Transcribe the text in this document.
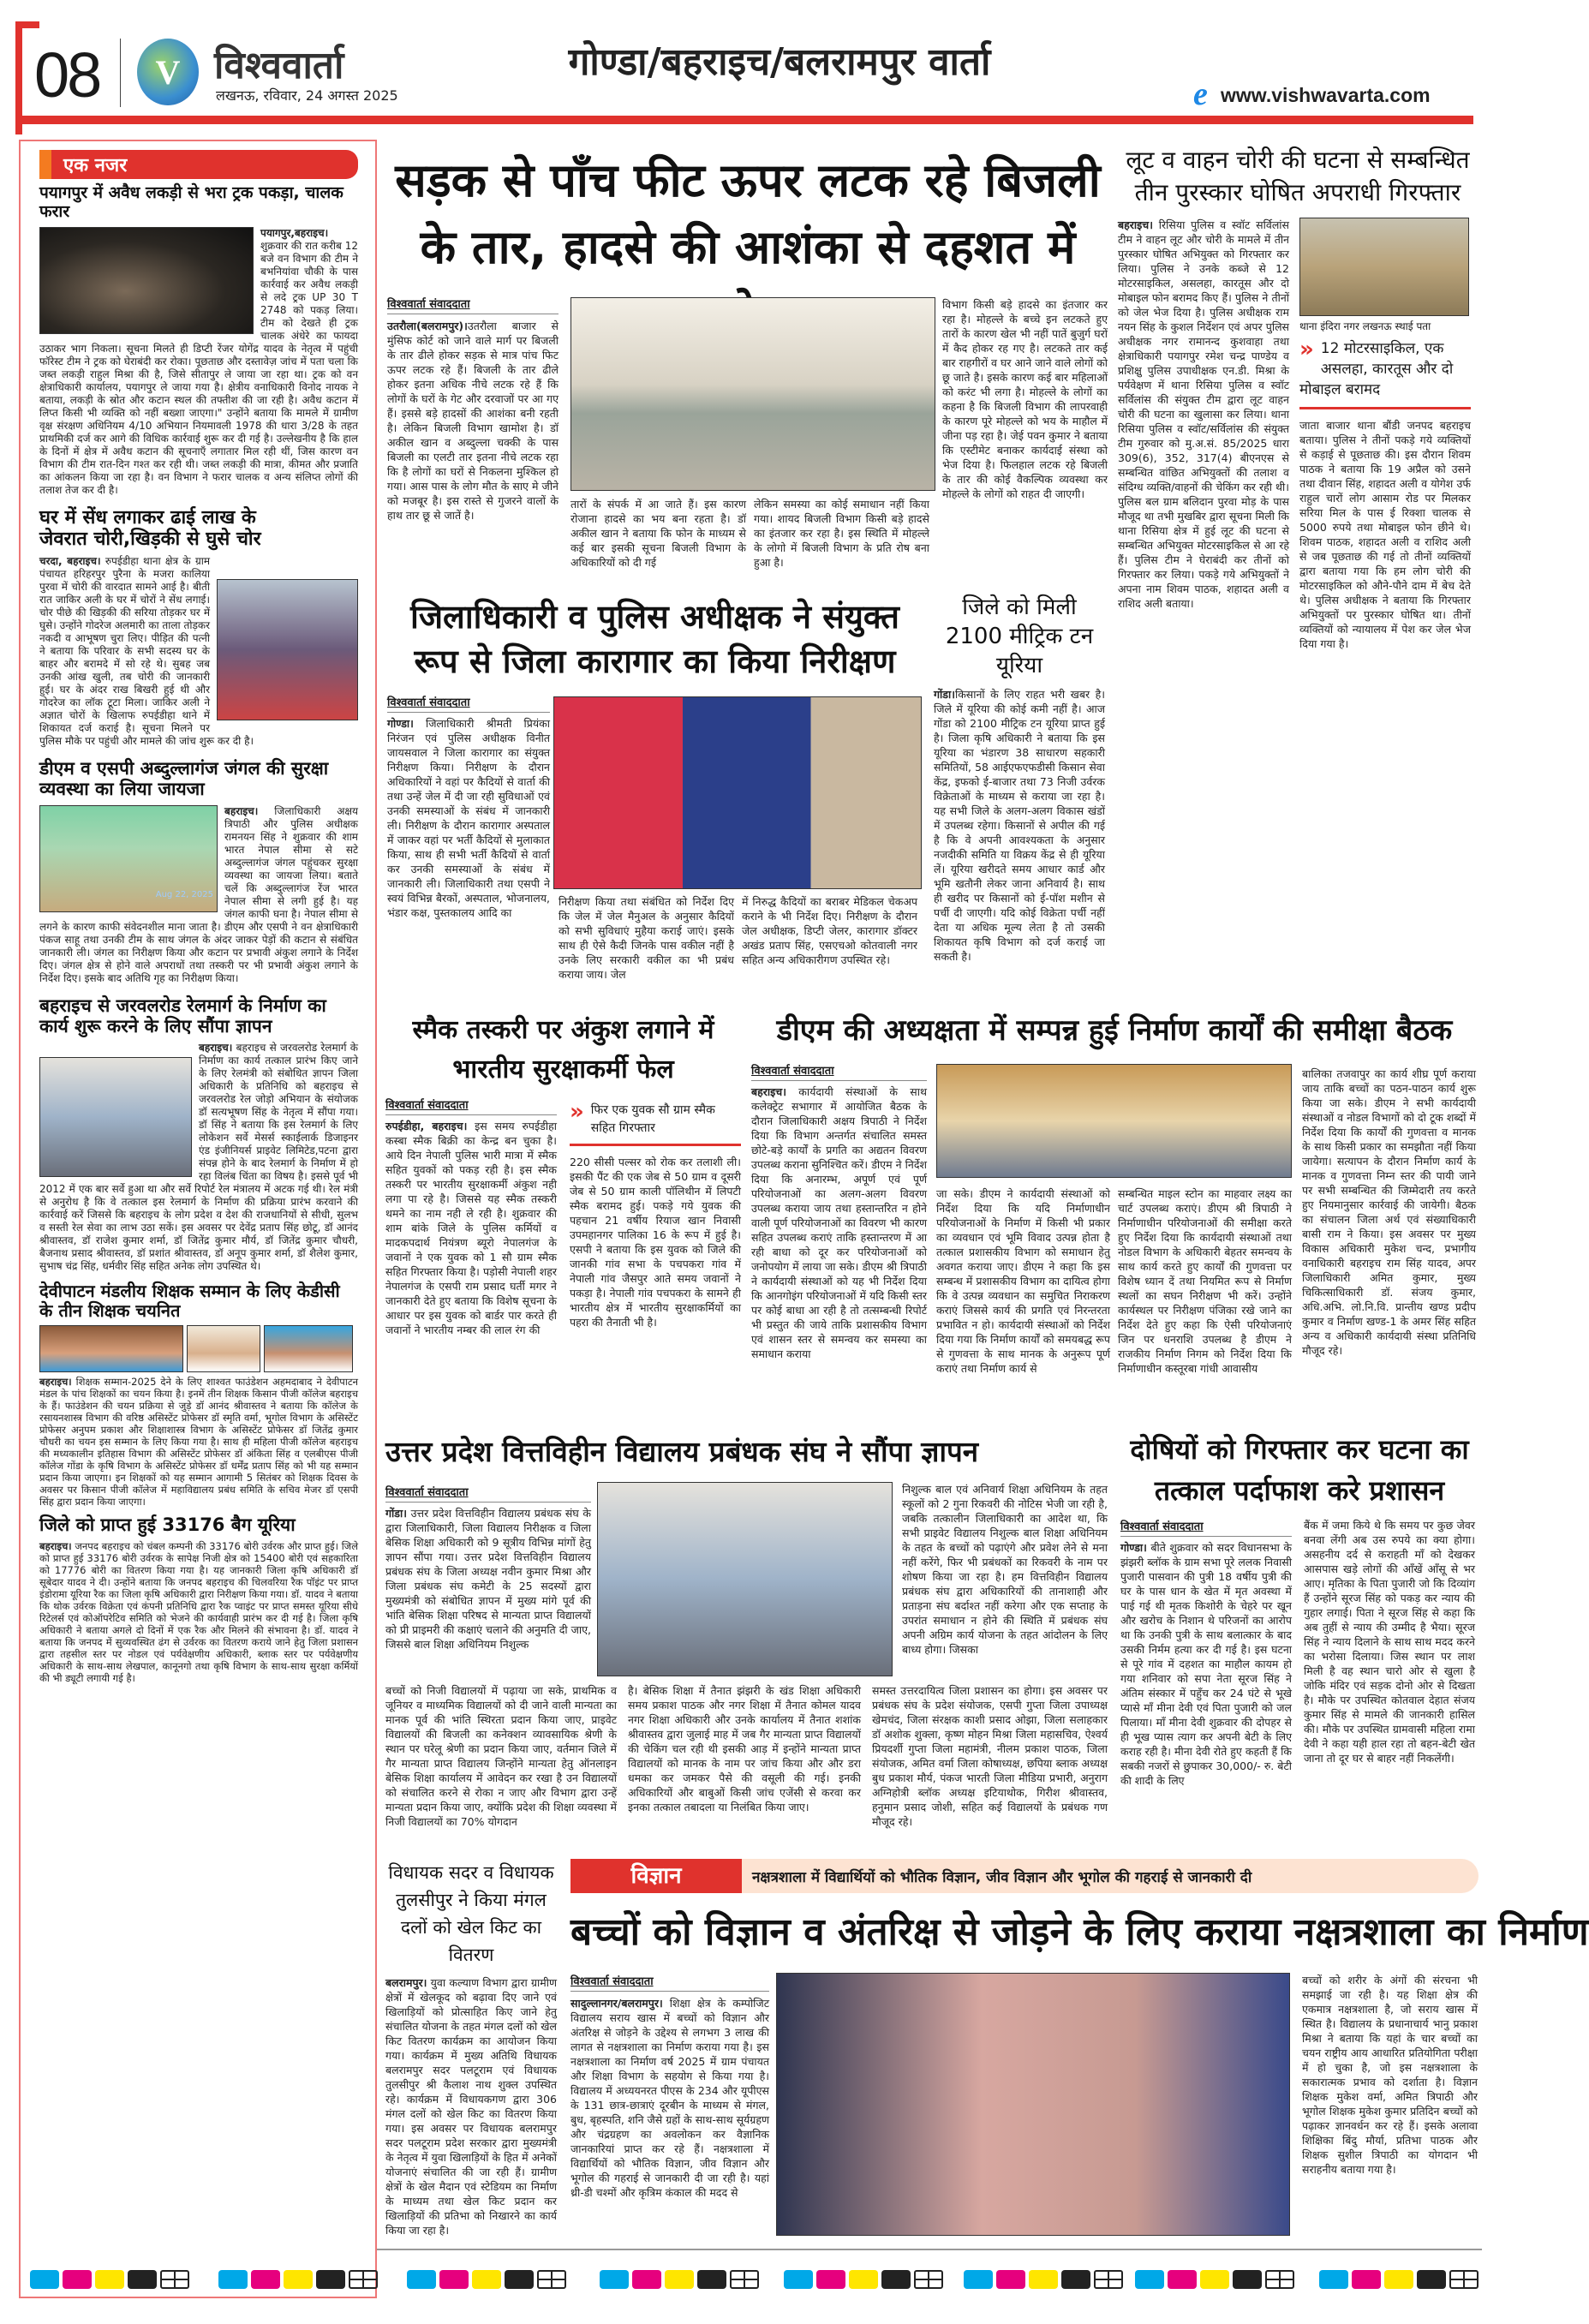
08	V विश्ववार्ता
लखनऊ, रविवार, 24 अगस्त 2025
गोण्डा/बहराइच/बलरामपुर वार्ता
e www.vishwavarta.com
एक नजर
पयागपुर में अवैध लकड़ी से भरा ट्रक पकड़ा, चालक फरार
पयागपुर,बहराइच। शुक्रवार की रात करीब 12 बजे वन विभाग की टीम ने बभनियांवा चौकी के पास कार्रवाई कर अवैध लकड़ी से लदे ट्रक UP 30 T 2748 को पकड़ लिया। टीम को देखते ही ट्रक चालक अंधेरे का फायदा उठाकर भाग निकला। सूचना मिलते ही डिप्टी रेंजर योगेंद्र यादव के नेतृत्व में पहुंची फॉरेस्ट टीम ने ट्रक को घेराबंदी कर रोका। पूछताछ और दस्तावेज़ जांच में पता चला कि जब्त लकड़ी राहुल मिश्रा की है, जिसे सीतापुर ले जाया जा रहा था। ट्रक को वन क्षेत्राधिकारी कार्यालय, पयागपुर ले जाया गया है। क्षेत्रीय वनाधिकारी विनोद नायक ने बताया, लकड़ी के स्रोत और कटान स्थल की तफ्तीश की जा रही है। अवैध कटान में लिप्त किसी भी व्यक्ति को नहीं बख्शा जाएगा।" उन्होंने बताया कि मामले में ग्रामीण वृक्ष संरक्षण अधिनियम 4/10 अभियान नियमावली 1978 की धारा 3/28 के तहत प्राथमिकी दर्ज कर आगे की विधिक कार्रवाई शुरू कर दी गई है। उल्लेखनीय है कि हाल के दिनों में क्षेत्र में अवैध कटान की सूचनाएँ लगातार मिल रही थीं, जिस कारण वन विभाग की टीम रात-दिन गश्त कर रही थी। जब्त लकड़ी की मात्रा, कीमत और प्रजाति का आंकलन किया जा रहा है। वन विभाग ने फरार चालक व अन्य संलिप्त लोगों की तलाश तेज कर दी है।
घर में सेंध लगाकर ढाई लाख के जेवरात चोरी,खिड़की से घुसे चोर
चरदा, बहराइच। रुपईडीहा थाना क्षेत्र के ग्राम पंचायत हरिहरपुर पुरैना के मजरा कालिया पुरवा में चोरी की वारदात सामने आई है। बीती रात जाकिर अली के घर में चोरों ने सेंध लगाई। चोर पीछे की खिड़की की सरिया तोड़कर घर में घुसे। उन्होंने गोदरेज अलमारी का ताला तोड़कर नकदी व आभूषण चुरा लिए। पीड़ित की पत्नी ने बताया कि परिवार के सभी सदस्य घर के बाहर और बरामदे में सो रहे थे। सुबह जब उनकी आंख खुली, तब चोरी की जानकारी हुई। घर के अंदर राख बिखरी हुई थी और गोदरेज का लॉक टूटा मिला। जाकिर अली ने अज्ञात चोरों के खिलाफ रुपईडीहा थाने में शिकायत दर्ज कराई है। सूचना मिलने पर पुलिस मौके पर पहुंची और मामले की जांच शुरू कर दी है।
डीएम व एसपी अब्दुल्लागंज जंगल की सुरक्षा व्यवस्था का लिया जायजा
Aug 22, 2025
बहराइच। जिलाधिकारी अक्षय त्रिपाठी और पुलिस अधीक्षक रामनयन सिंह ने शुक्रवार की शाम भारत नेपाल सीमा से सटे अब्दुल्लागंज जंगल पहुंचकर सुरक्षा व्यवस्था का जायजा लिया। बताते चलें कि अब्दुल्लागंज रेंज भारत नेपाल सीमा से लगी हुई है। यह जंगल काफी घना है। नेपाल सीमा से लगने के कारण काफी संवेदनशील माना जाता है। डीएम और एसपी ने वन क्षेत्राधिकारी पंकज साहू तथा उनकी टीम के साथ जंगल के अंदर जाकर पेड़ों की कटान से संबंधित जानकारी ली। जंगल का निरीक्षण किया और कटान पर प्रभावी अंकुश लगाने के निर्देश दिए। जंगल क्षेत्र से होने वाले अपराधों तथा तस्करी पर भी प्रभावी अंकुश लगाने के निर्देश दिए। इसके बाद अतिथि गृह का निरीक्षण किया।
बहराइच से जरवलरोड रेलमार्ग के निर्माण का कार्य शुरू करने के लिए सौंपा ज्ञापन
बहराइच। बहराइच से जरवलरोड रेलमार्ग के निर्माण का कार्य तत्काल प्रारंभ किए जाने के लिए रेलमंत्री को संबोधित ज्ञापन जिला अधिकारी के प्रतिनिधि को बहराइच से जरवलरोड रेल जोड़ो अभियान के संयोजक डॉ सत्यभूषण सिंह के नेतृत्व में सौंपा गया। डॉ सिंह ने बताया कि इस रेलमार्ग के लिए लोकेशन सर्वे मेसर्स स्काईलार्क डिजाइनर एंड इंजीनियर्स प्राइवेट लिमिटेड,पटना द्वारा संपन्न होने के बाद रेलमार्ग के निर्माण में हो रहा विलंब चिंता का विषय है। इससे पूर्व भी 2012 में एक बार सर्वे हुआ था और सर्वे रिपोर्ट रेल मंत्रालय में अटक गई थी। रेल मंत्री से अनुरोध है कि वे तत्काल इस रेलमार्ग के निर्माण की प्रक्रिया प्रारंभ करवाने की कार्रवाई करें जिससे कि बहराइच के लोग प्रदेश व देश की राजधानियों से सीधी, सुलभ व सस्ती रेल सेवा का लाभ उठा सकें। इस अवसर पर देवेंद्र प्रताप सिंह छोटू, डॉ आनंद श्रीवास्तव, डॉ राजेश कुमार शर्मा, डॉ जितेंद्र कुमार मौर्य, डॉ जितेंद्र कुमार चौधरी, बैजनाथ प्रसाद श्रीवास्तव, डॉ प्रशांत श्रीवास्तव, डॉ अनूप कुमार शर्मा, डॉ शैलेश कुमार, सुभाष चंद्र सिंह, धर्मवीर सिंह सहित अनेक लोग उपस्थित थे।
देवीपाटन मंडलीय शिक्षक सम्मान के लिए केडीसी के तीन शिक्षक चयनित
बहराइच। शिक्षक सम्मान-2025 देने के लिए शाश्वत फाउंडेशन अहमदाबाद ने देवीपाटन मंडल के पांच शिक्षकों का चयन किया है। इनमें तीन शिक्षक किसान पीजी कॉलेज बहराइच के हैं। फाउंडेशन की चयन प्रक्रिया से जुड़े डॉ आनंद श्रीवास्तव ने बताया कि कॉलेज के रसायनशास्त्र विभाग की वरिष्ठ असिस्टेंट प्रोफेसर डॉ स्मृति वर्मा, भूगोल विभाग के असिस्टेंट प्रोफेसर अनुपम प्रकाश और शिक्षाशास्त्र विभाग के असिस्टेंट प्रोफेसर डॉ जितेंद्र कुमार चौधरी का चयन इस सम्मान के लिए किया गया है। साथ ही महिला पीजी कॉलेज बहराइच की मध्यकालीन इतिहास विभाग की असिस्टेंट प्रोफेसर डॉ अंकिता सिंह व एलबीएस पीजी कॉलेज गोंडा के कृषि विभाग के असिस्टेंट प्रोफेसर डॉ धर्मेंद्र प्रताप सिंह को भी यह सम्मान प्रदान किया जाएगा। इन शिक्षकों को यह सम्मान आगामी 5 सितंबर को शिक्षक दिवस के अवसर पर किसान पीजी कॉलेज में महाविद्यालय प्रबंध समिति के सचिव मेजर डॉ एसपी सिंह द्वारा प्रदान किया जाएगा।
जिले को प्राप्त हुई 33176 बैग यूरिया
बहराइच। जनपद बहराइच को चंबल कम्पनी की 33176 बोरी उर्वरक और प्राप्त हुई। जिले को प्राप्त हुई 33176 बोरी उर्वरक के सापेक्ष निजी क्षेत्र को 15400 बोरी एवं सहकारिता को 17776 बोरी का वितरण किया गया है। यह जानकारी जिला कृषि अधिकारी डॉ सूबेदार यादव ने दी। उन्होंने बताया कि जनपद बहराइच की चिलवरिया रैक पॉइंट पर प्राप्त इंडोरामा यूरिया रैक का जिला कृषि अधिकारी द्वारा निरीक्षण किया गया। डॉ. यादव ने बताया कि थोक उर्वरक विक्रेता एवं कंपनी प्रतिनिधि द्वारा रैक प्वाइंट पर प्राप्त समस्त यूरिया सीधे रिटेलर्स एवं कोऑपरेटिव समिति को भेजने की कार्यवाही प्रारंभ कर दी गई है। जिला कृषि अधिकारी ने बताया अगले दो दिनों में एक रैक और मिलने की संभावना है। डॉ. यादव ने बताया कि जनपद में सुव्यवस्थित ढंग से उर्वरक का वितरण कराये जाने हेतु जिला प्रशासन द्वारा तहसील स्तर पर नोडल एवं पर्यवेक्षणीय अधिकारी, ब्लाक स्तर पर पर्यवेक्षणीय अधिकारी के साथ-साथ लेखपाल, कानूनगो तथा कृषि विभाग के साथ-साथ सुरक्षा कर्मियों की भी ड्यूटी लगायी गई है।
सड़क से पाँच फीट ऊपर लटक रहे बिजली के तार, हादसे की आशंका से दहशत में
विश्ववार्ता संवाददाता
उतरौला(बलरामपुर)।उतरौला बाजार से मुंसिफ कोर्ट को जाने वाले मार्ग पर बिजली के तार ढीले होकर सड़क से मात्र पांच फिट ऊपर लटक रहे हैं। बिजली के तार ढीले होकर इतना अधिक नीचे लटक रहे हैं कि लोगों के घरों के गेट और दरवाजों पर आ गए हैं। इससे बड़े हादसों की आशंका बनी रहती है। लेकिन बिजली विभाग खामोश है। डॉ अकील खान व अब्दुल्ला चक्की के पास बिजली का एलटी तार इतना नीचे लटक रहा कि है लोगों का घरों से निकलना मुश्किल हो गया। आस पास के लोग मौत के साए मे जीने को मजबूर है। इस रास्ते से गुजरने वालों के हाथ तार छू से जातें है।
तारों के संपर्क में आ जाते हैं। इस कारण रोजाना हादसे का भय बना रहता है। डॉ अकील खान ने बताया कि फोन के माध्यम से कई बार इसकी सूचना बिजली विभाग के अधिकारियों को दी गई
लेकिन समस्या का कोई समाधान नहीं किया गया। शायद बिजली विभाग किसी बड़े हादसे का इंतजार कर रहा है। इस स्थिति में मोहल्ले के लोगो में बिजली विभाग के प्रति रोष बना हुआ है।
विभाग किसी बड़े हादसे का इंतजार कर रहा है। मोहल्ले के बच्चे इन लटकते हुए तारों के कारण खेल भी नहीं पातें बुजुर्ग घरों में कैद होकर रह गए है। लटकते तार कई बार राहगीरों व घर आने जाने वाले लोगों को छू जाते है। इसके कारण कई बार महिलाओं को करंट भी लगा है। मोहल्ले के लोगों का कहना है कि बिजली विभाग की लापरवाही के कारण पूरे मोहल्ले को भय के माहौल में जीना पड़ रहा है। जेई पवन कुमार ने बताया कि एस्टीमेट बनाकर कार्यदाई संस्था को भेज दिया है। फिलहाल लटक रहे बिजली के तार की कोई वैकल्पिक व्यवस्था कर मोहल्ले के लोगों को राहत दी जाएगी।
जिलाधिकारी व पुलिस अधीक्षक ने संयुक्त रूप से जिला कारागार का किया निरीक्षण
विश्ववार्ता संवाददाता
गोण्डा। जिलाधिकारी श्रीमती प्रियंका निरंजन एवं पुलिस अधीक्षक विनीत जायसवाल ने जिला कारागार का संयुक्त निरीक्षण किया। निरीक्षण के दौरान अधिकारियों ने वहां पर कैदियों से वार्ता की तथा उन्हें जेल में दी जा रही सुविधाओं एवं उनकी समस्याओं के संबंध में जानकारी ली। निरीक्षण के दौरान कारागार अस्पताल में जाकर वहां पर भर्ती कैदियों से मुलाकात किया, साथ ही सभी भर्ती कैदियों से वार्ता कर उनकी समस्याओं के संबंध में जानकारी ली। जिलाधिकारी तथा एसपी ने स्वयं विभिन्न बैरकों, अस्पताल, भोजनालय, भंडार कक्ष, पुस्तकालय आदि का
निरीक्षण किया तथा संबंधित को निर्देश दिए कि जेल में जेल मैनुअल के अनुसार कैदियों को सभी सुविधाएं मुहैया कराई जाएं। इसके साथ ही ऐसे कैदी जिनके पास वकील नहीं है उनके लिए सरकारी वकील का भी प्रबंध कराया जाय। जेल
में निरुद्ध कैदियों का बराबर मेडिकल चेकअप कराने के भी निर्देश दिए। निरीक्षण के दौरान जेल अधीक्षक, डिप्टी जेलर, कारागार डॉक्टर अखंड प्रताप सिंह, एसएचओ कोतवाली नगर सहित अन्य अधिकारीगण उपस्थित रहे।
जिले को मिली 2100 मीट्रिक टन यूरिया
गोंडा।किसानों के लिए राहत भरी खबर है। जिले में यूरिया की कोई कमी नहीं है। आज गोंडा को 2100 मीट्रिक टन यूरिया प्राप्त हुई है। जिला कृषि अधिकारी ने बताया कि इस यूरिया का भंडारण 38 साधारण सहकारी समितियों, 58 आईएफएफडीसी किसान सेवा केंद्र, इफको ई-बाजार तथा 73 निजी उर्वरक विक्रेताओं के माध्यम से कराया जा रहा है। यह सभी जिले के अलग-अलग विकास खंडों में उपलब्ध रहेगा। किसानों से अपील की गई है कि वे अपनी आवश्यकता के अनुसार नजदीकी समिति या विक्रय केंद्र से ही यूरिया लें। यूरिया खरीदते समय आधार कार्ड और भूमि खतौनी लेकर जाना अनिवार्य है। साथ ही खरीद पर किसानों को ई-पॉश मशीन से पर्ची दी जाएगी। यदि कोई विक्रेता पर्ची नहीं देता या अधिक मूल्य लेता है तो उसकी शिकायत कृषि विभाग को दर्ज कराई जा सकती है।
लूट व वाहन चोरी की घटना से सम्बन्धित तीन पुरस्कार घोषित अपराधी गिरफ्तार
बहराइच। रिसिया पुलिस व स्वॉट सर्विलांस टीम ने वाहन लूट और चोरी के मामले में तीन पुरस्कार घोषित अभियुक्त को गिरफ्तार कर लिया। पुलिस ने उनके कब्जे से 12 मोटरसाइकिल, असलहा, कारतूस और दो मोबाइल फोन बरामद किए हैं। पुलिस ने तीनों को जेल भेज दिया है। पुलिस अधीक्षक राम नयन सिंह के कुशल निर्देशन एवं अपर पुलिस अधीक्षक नगर रामानन्द कुशवाहा तथा क्षेत्राधिकारी पयागपुर रमेश चन्द्र पाण्डेय व प्रशिक्षु पुलिस उपाधीक्षक एन.डी. मिश्रा के पर्यवेक्षण में थाना रिसिया पुलिस व स्वॉट सर्विलांस की संयुक्त टीम द्वारा लूट वाहन चोरी की घटना का खुलासा कर लिया। थाना रिसिया पुलिस व स्वॉट/सर्विलांस की संयुक्त टीम गुरुवार को मु.अ.सं. 85/2025 धारा 309(6), 352, 317(4) बीएनएस से सम्बन्धित वांछित अभियुक्तों की तलाश व संदिग्ध व्यक्ति/वाहनों की चेकिंग कर रही थी। पुलिस बल ग्राम बलिदान पुरवा मोड़ के पास मौजूद था तभी मुखबिर द्वारा सूचना मिली कि थाना रिसिया क्षेत्र में हुई लूट की घटना से सम्बन्धित अभियुक्त मोटरसाइकिल से आ रहे हैं। पुलिस टीम ने घेराबंदी कर तीनों को गिरफ्तार कर लिया। पकड़े गये अभियुक्तों ने अपना नाम शिवम पाठक, शहादत अली व राशिद अली बताया।
थाना इंदिरा नगर लखनऊ स्थाई पता
» 12 मोटरसाइकिल, एक असलहा, कारतूस और दो मोबाइल बरामद
जाता बाजार थाना बौंडी जनपद बहराइच बताया। पुलिस ने तीनों पकड़े गये व्यक्तियों से कड़ाई से पूछताछ की। इस दौरान शिवम पाठक ने बताया कि 19 अप्रैल को उसने तथा दीवान सिंह, शहादत अली व योगेश उर्फ राहुल चारों लोग आसाम रोड पर मिलकर सरिया मिल के पास ई रिक्शा चालक से 5000 रुपये तथा मोबाइल फोन छीने थे। शिवम पाठक, शहादत अली व राशिद अली से जब पूछताछ की गई तो तीनों व्यक्तियों द्वारा बताया गया कि हम लोग चोरी की मोटरसाइकिल को औने-पौने दाम में बेच देते थे। पुलिस अधीक्षक ने बताया कि गिरफ्तार अभियुक्तों पर पुरस्कार घोषित था। तीनों व्यक्तियों को न्यायालय में पेश कर जेल भेज दिया गया है।
स्मैक तस्करी पर अंकुश लगाने में भारतीय सुरक्षाकर्मी फेल
विश्ववार्ता संवाददाता
रुपईडीहा, बहराइच। इस समय रुपईडीहा कस्बा स्मैक बिक्री का केन्द्र बन चुका है। आये दिन नेपाली पुलिस भारी मात्रा में स्मैक सहित युवकों को पकड़ रही है। इस स्मैक तस्करी पर भारतीय सुरक्षाकर्मी अंकुश नही लगा पा रहे है। जिससे यह स्मैक तस्करी थमने का नाम नही ले रही है। शुक्रवार की शाम बांके जिले के पुलिस कर्मियों व मादकपदार्थ नियंत्रण ब्यूरो नेपालगंज के जवानों ने एक युवक को 1 सौ ग्राम स्मैक सहित गिरफ्तार किया है। पड़ोसी नेपाली शहर नेपालगंज के एसपी राम प्रसाद घर्ती मगर ने जानकारी देते हुए बताया कि विशेष सूचना के आधार पर इस युवक को बार्डर पार करते ही जवानों ने भारतीय नम्बर की लाल रंग की
» फिर एक युवक सौ ग्राम स्मैक सहित गिरफ्तार
220 सीसी पल्सर को रोक कर तलाशी ली। इसकी पैंट की एक जेब से 50 ग्राम व दूसरी जेब से 50 ग्राम काली पॉलिथीन में लिपटी स्मैक बरामद हुई। पकड़े गये युवक की पहचान 21 वर्षीय रियाज खान निवासी उपमहानगर पालिका 16 के रूप में हुई है। एसपी ने बताया कि इस युवक को जिले की जानकी गांव सभा के पचपकरा गांव में नेपाली गांव जैसपुर आते समय जवानों ने पकड़ा है। नेपाली गांव पचपकरा के सामने ही भारतीय क्षेत्र में भारतीय सुरक्षाकर्मियों का पहरा की तैनाती भी है।
डीएम की अध्यक्षता में सम्पन्न हुई निर्माण कार्यों की समीक्षा बैठक
विश्ववार्ता संवाददाता
बहराइच। कार्यदायी संस्थाओं के साथ कलेक्ट्रेट सभागार में आयोजित बैठक के दौरान जिलाधिकारी अक्षय त्रिपाठी ने निर्देश दिया कि विभाग अन्तर्गत संचालित समस्त छोटे-बड़े कार्यों के प्रगति का अद्यतन विवरण उपलब्ध कराना सुनिश्चित करें। डीएम ने निर्देश दिया कि अनारम्भ, अपूर्ण एवं पूर्ण परियोजनाओं का अलग-अलग विवरण उपलब्ध कराया जाय तथा हस्तान्तरित न होने वाली पूर्ण परियोजनाओं का विवरण भी कारण सहित उपलब्ध कराएं ताकि हस्तान्तरण में आ रही बाधा को दूर कर परियोजनाओं को जनोपयोग में लाया जा सके। डीएम श्री त्रिपाठी ने कार्यदायी संस्थाओं को यह भी निर्देश दिया कि आनगोइंग परियोजनाओं में यदि किसी स्तर पर कोई बाधा आ रही है तो तत्सम्बन्धी रिपोर्ट भी प्रस्तुत की जाये ताकि प्रशासकीय विभाग एवं शासन स्तर से समन्वय कर समस्या का समाधान कराया
जा सके। डीएम ने कार्यदायी संस्थाओं को निर्देश दिया कि यदि निर्माणाधीन परियोजनाओं के निर्माण में किसी भी प्रकार का व्यवधान एवं भूमि विवाद उत्पन्न होता है तत्काल प्रशासकीय विभाग को समाधान हेतु अवगत कराया जाए। डीएम ने कहा कि इस सम्बन्ध में प्रशासकीय विभाग का दायित्व होगा कि वे उत्पन्न व्यवधान का समुचित निराकरण कराएं जिससे कार्य की प्रगति एवं निरन्तरता प्रभावित न हो। कार्यदायी संस्थाओं को निर्देश दिया गया कि निर्माण कार्यों को समयबद्ध रूप से गुणवत्ता के साथ मानक के अनुरूप पूर्ण कराएं तथा निर्माण कार्य से
सम्बन्धित माइल स्टोन का माहवार लक्ष्य का चार्ट उपलब्ध कराएं। डीएम श्री त्रिपाठी ने निर्माणाधीन परियोजनाओं की समीक्षा करते हुए निर्देश दिया कि कार्यदायी संस्थाओं तथा नोडल विभाग के अधिकारी बेहतर समन्वय के साथ कार्य करते हुए कार्यों की गुणवत्ता पर विशेष ध्यान दें तथा नियमित रूप से निर्माण स्थलों का सघन निरीक्षण भी करें। उन्होंने कार्यस्थल पर निरीक्षण पंजिका रखे जाने का निर्देश देते हुए कहा कि ऐसी परियोजनाएं जिन पर धनराशि उपलब्ध है डीएम ने राजकीय निर्माण निगम को निर्देश दिया कि निर्माणाधीन कस्तूरबा गांधी आवासीय
बालिका तजवापुर का कार्य शीघ्र पूर्ण कराया जाय ताकि बच्चों का पठन-पाठन कार्य शुरू किया जा सके। डीएम ने सभी कार्यदायी संस्थाओं व नोडल विभागों को दो टूक शब्दों में निर्देश दिया कि कार्यों की गुणवत्ता व मानक के साथ किसी प्रकार का समझौता नहीं किया जायेगा। सत्यापन के दौरान निर्माण कार्य के मानक व गुणवत्ता निम्न स्तर की पायी जाने पर सभी सम्बन्धित की जिम्मेदारी तय करते हुए नियमानुसार कार्रवाई की जायेगी। बैठक का संचालन जिला अर्थ एवं संख्याधिकारी बासी राम ने किया। इस अवसर पर मुख्य विकास अधिकारी मुकेश चन्द, प्रभागीय वनाधिकारी बहराइच राम सिंह यादव, अपर जिलाधिकारी अमित कुमार, मुख्य चिकित्साधिकारी डॉ. संजय कुमार, अधि.अभि. लो.नि.वि. प्रान्तीय खण्ड प्रदीप कुमार व निर्माण खण्ड-1 के अमर सिंह सहित अन्य व अधिकारी कार्यदायी संस्था प्रतिनिधि मौजूद रहे।
उत्तर प्रदेश वित्तविहीन विद्यालय प्रबंधक संघ ने सौंपा ज्ञापन
विश्ववार्ता संवाददाता
गोंडा। उत्तर प्रदेश वित्तविहीन विद्यालय प्रबंधक संघ के द्वारा जिलाधिकारी, जिला विद्यालय निरीक्षक व जिला बेसिक शिक्षा अधिकारी को 9 सूत्रीय विभिन्न मांगों हेतु ज्ञापन सौंपा गया। उत्तर प्रदेश वित्तविहीन विद्यालय प्रबंधक संघ के जिला अध्यक्ष नवीन कुमार मिश्रा और जिला प्रबंधक संघ कमेटी के 25 सदस्यों द्वारा मुख्यमंत्री को संबोधित ज्ञापन में मुख्य मांगे पूर्व की भांति बेसिक शिक्षा परिषद से मान्यता प्राप्त विद्यालयों को प्री प्राइमरी की कक्षाएं चलाने की अनुमति दी जाए, जिससे बाल शिक्षा अधिनियम निशुल्क
निशुल्क बाल एवं अनिवार्य शिक्षा अधिनियम के तहत स्कूलों को 2 गुना रिकवरी की नोटिस भेजी जा रही है, जबकि तत्कालीन जिलाधिकारी का आदेश था, कि सभी प्राइवेट विद्यालय निशुल्क बाल शिक्षा अधिनियम के तहत के बच्चों को पढ़ाएंगे और प्रवेश लेने से मना नहीं करेंगे, फिर भी प्रबंधकों का रिकवरी के नाम पर शोषण किया जा रहा है। हम वित्तविहीन विद्यालय प्रबंधक संघ द्वारा अधिकारियों की तानाशाही और प्रताड़ना संघ बर्दाश्त नहीं करेगा और एक सप्ताह के उपरांत समाधान न होने की स्थिति में प्रबंधक संघ अपनी अग्रिम कार्य योजना के तहत आंदोलन के लिए बाध्य होगा। जिसका
बच्चों को निजी विद्यालयों में पढ़ाया जा सके, प्राथमिक व जूनियर व माध्यमिक विद्यालयों को दी जाने वाली मान्यता का मानक पूर्व की भांति स्थिरता प्रदान किया जाए, प्राइवेट विद्यालयों की बिजली का कनेक्शन व्यावसायिक श्रेणी के स्थान पर घरेलू श्रेणी का प्रदान किया जाए, वर्तमान जिले में गैर मान्यता प्राप्त विद्यालय जिन्होंने मान्यता हेतु ऑनलाइन बेसिक शिक्षा कार्यालय में आवेदन कर रखा है उन विद्यालयों को संचालित करने से रोका न जाए और विभाग द्वारा उन्हें मान्यता प्रदान किया जाए, क्योंकि प्रदेश की शिक्षा व्यवस्था में निजी विद्यालयों का 70% योगदान
है। बेसिक शिक्षा में तैनात झंझरी के खंड शिक्षा अधिकारी समय प्रकाश पाठक और नगर शिक्षा में तैनात कोमल यादव नगर शिक्षा अधिकारी और उनके कार्यालय में तैनात शशांक श्रीवास्तव द्वारा जुलाई माह में जब गैर मान्यता प्राप्त विद्यालयों की चेकिंग चल रही थी इसकी आड़ में इन्होंने मान्यता प्राप्त विद्यालयों को मानक के नाम पर जांच किया और और डरा धमका कर जमकर पैसे की वसूली की गई। इनकी अधिकारियों और बाबुओं किसी जांच एजेंसी से करवा कर इनका तत्काल तबादला या निलंबित किया जाए।
समस्त उत्तरदायित्व जिला प्रशासन का होगा। इस अवसर पर प्रबंधक संघ के प्रदेश संयोजक, एसपी गुप्ता जिला उपाध्यक्ष खेमचंद, जिला संरक्षक काशी प्रसाद ओझा, जिला सलाहकार डॉ अशोक शुक्ला, कृष्ण मोहन मिश्रा जिला महासचिव, ऐश्वर्य प्रियदर्शी गुप्ता जिला महामंत्री, नीलम प्रकाश पाठक, जिला संयोजक, अमित वर्मा जिला कोषाध्यक्ष, छपिया ब्लाक अध्यक्ष बुध प्रकाश मौर्य, पंकज भारती जिला मीडिया प्रभारी, अनुराग अग्निहोत्री ब्लॉक अध्यक्ष इटियाथोक, गिरीश श्रीवास्तव, हनुमान प्रसाद जोशी, सहित कई विद्यालयों के प्रबंधक गण मौजूद रहे।
दोषियों को गिरफ्तार कर घटना का तत्काल पर्दाफाश करे प्रशासन
विश्ववार्ता संवाददाता
गोण्डा। बीते शुक्रवार को सदर विधानसभा के झंझरी ब्लॉक के ग्राम सभा पूरे ललक निवासी पुजारी पासवान की पुत्री 18 वर्षीय पुत्री की घर के पास धान के खेत में मृत अवस्था में पाई गई थी मृतक किशोरी के चेहरे पर खून और खरोच के निशान थे परिजनों का आरोप था कि उनकी पुत्री के साथ बलात्कार के बाद उसकी निर्मम हत्या कर दी गई है। इस घटना से पूरे गांव में दहशत का माहौल कायम हो गया शनिवार को सपा नेता सूरज सिंह ने अंतिम संस्कार में पहुँच कर 24 घंटे से भूखे प्यासे माँ मीना देवी एवं पिता पुजारी को जल पिलाया। माँ मीना देवी शुक्रवार की दोपहर से ही भूख प्यास त्याग कर अपनी बेटी के लिए कराह रही है। मीना देवी रोते हुए कहती हैं कि सबकी नजरों से छुपाकर 30,000/- रु. बेटी की शादी के लिए
बैंक में जमा किये थे कि समय पर कुछ जेवर बनवा लेंगी अब उस रुपये का क्या होगा। असहनीय दर्द से कराहती माँ को देखकर आसपास खड़े लोगों की आँखें आँसू से भर आए। मृतिका के पिता पुजारी जो कि दिव्यांग हैं उन्होंने सूरज सिंह को पकड़ कर न्याय की गुहार लगाई। पिता ने सूरज सिंह से कहा कि अब तुहीं से न्याय की उम्मीद है भैया। सूरज सिंह ने न्याय दिलाने के साथ साथ मदद करने का भरोसा दिलाया। जिस स्थान पर लाश मिली है वह स्थान चारो ओर से खुला है जोकि मंदिर एवं सड़क दोनो ओर से दिखता है। मौके पर उपस्थित कोतवाल देहात संजय कुमार सिंह से मामले की जानकारी हासिल की। मौके पर उपस्थित ग्रामवासी महिला रामा देवी ने कहा यही हाल रहा तो बहन-बेटी खेत जाना तो दूर घर से बाहर नहीं निकलेंगी।
विधायक सदर व विधायक तुलसीपुर ने किया मंगल दलों को खेल किट का वितरण
बलरामपुर। युवा कल्याण विभाग द्वारा ग्रामीण क्षेत्रों में खेलकूद को बढ़ावा दिए जाने एवं खिलाड़ियों को प्रोत्साहित किए जाने हेतु संचालित योजना के तहत मंगल दलों को खेल किट वितरण कार्यक्रम का आयोजन किया गया। कार्यक्रम में मुख्य अतिथि विधायक बलरामपुर सदर पलटूराम एवं विधायक तुलसीपुर श्री कैलाश नाथ शुक्ल उपस्थित रहे। कार्यक्रम में विधायकगण द्वारा 306 मंगल दलों को खेल किट का वितरण किया गया। इस अवसर पर विधायक बलरामपुर सदर पलटूराम प्रदेश सरकार द्वारा मुख्यमंत्री के नेतृत्व में युवा खिलाड़ियों के हित में अनेकों योजनाएं संचालित की जा रही हैं। ग्रामीण क्षेत्रों के खेल मैदान एवं स्टेडियम का निर्माण के माध्यम तथा खेल किट प्रदान कर खिलाड़ियों की प्रतिभा को निखारने का कार्य किया जा रहा है।
विज्ञान	नक्षत्रशाला में विद्यार्थियों को भौतिक विज्ञान, जीव विज्ञान और भूगोल की गहराई से जानकारी दी
बच्चों को विज्ञान व अंतरिक्ष से जोड़ने के लिए कराया नक्षत्रशाला का निर्माण
विश्ववार्ता संवाददाता
सादुल्लानगर/बलरामपुर। शिक्षा क्षेत्र के कम्पोजिट विद्यालय सराय खास में बच्चों को विज्ञान और अंतरिक्ष से जोड़ने के उद्देश्य से लगभग 3 लाख की लागत से नक्षत्रशाला का निर्माण कराया गया है। इस नक्षत्रशाला का निर्माण वर्ष 2025 में ग्राम पंचायत और शिक्षा विभाग के सहयोग से किया गया है। विद्यालय में अध्ययनरत पीएस के 234 और यूपीएस के 131 छात्र-छात्राएं दूरबीन के माध्यम से मंगल, बुध, बृहस्पति, शनि जैसे ग्रहों के साथ-साथ सूर्यग्रहण और चंद्रग्रहण का अवलोकन कर वैज्ञानिक जानकारियां प्राप्त कर रहे हैं। नक्षत्रशाला में विद्यार्थियों को भौतिक विज्ञान, जीव विज्ञान और भूगोल की गहराई से जानकारी दी जा रही है। यहां थ्री-डी चश्मों और कृत्रिम कंकाल की मदद से
बच्चों को शरीर के अंगों की संरचना भी समझाई जा रही है। यह शिक्षा क्षेत्र की एकमात्र नक्षत्रशाला है, जो सराय खास में स्थित है। विद्यालय के प्रधानाचार्य भानु प्रकाश मिश्रा ने बताया कि यहां के चार बच्चों का चयन राष्ट्रीय आय आधारित प्रतियोगिता परीक्षा में हो चुका है, जो इस नक्षत्रशाला के सकारात्मक प्रभाव को दर्शाता है। विज्ञान शिक्षक मुकेश वर्मा, अमित त्रिपाठी और भूगोल शिक्षक मुकेश कुमार प्रतिदिन बच्चों को पढ़ाकर ज्ञानवर्धन कर रहे हैं। इसके अलावा शिक्षिका बिंदु मौर्या, प्रतिभा पाठक और शिक्षक सुशील त्रिपाठी का योगदान भी सराहनीय बताया गया है।
